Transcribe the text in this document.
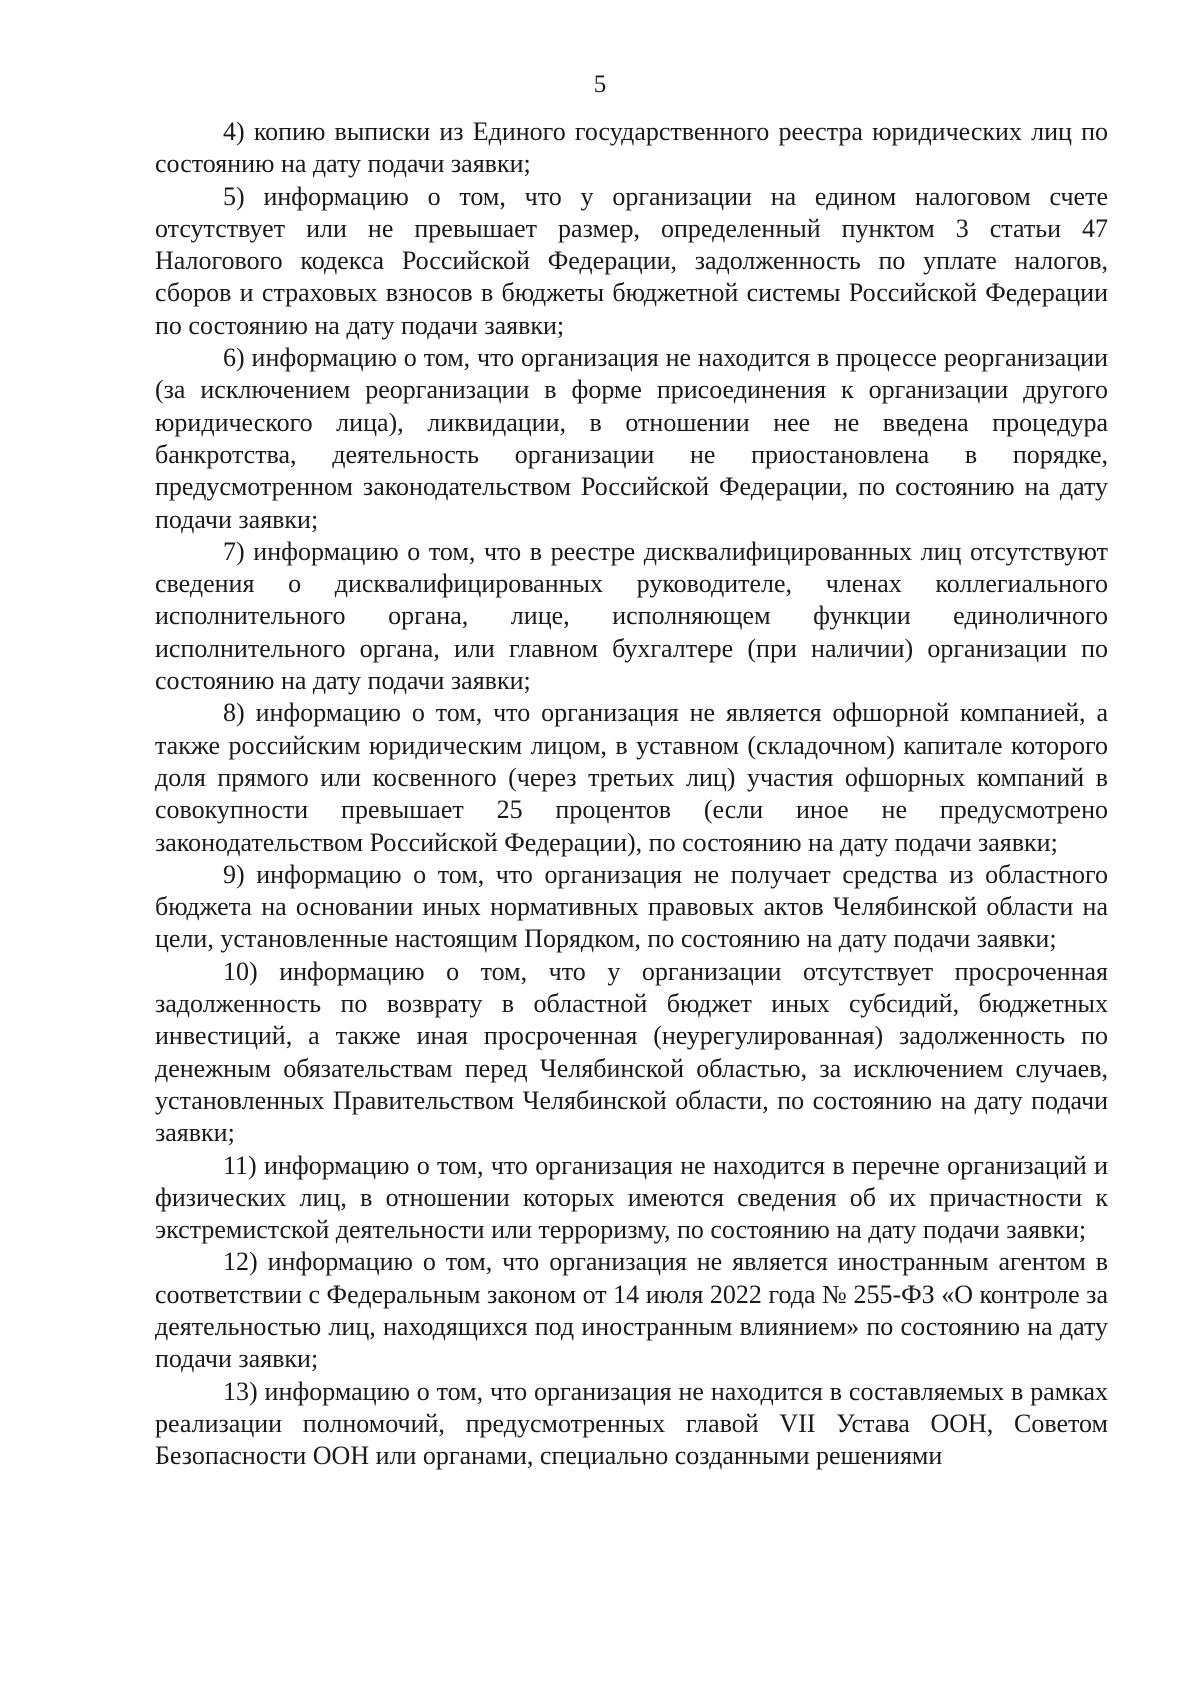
5

4) копию выписки из Единого государственного реестра юридических лиц по состоянию на дату подачи заявки;

5) информацию о том, что у организации на едином налоговом счете отсутствует или не превышает размер, определенный пунктом 3 статьи 47 Налогового кодекса Российской Федерации, задолженность по уплате налогов, сборов и страховых взносов в бюджеты бюджетной системы Российской Федерации по состоянию на дату подачи заявки;

6) информацию о том, что организация не находится в процессе реорганизации (за исключением реорганизации в форме присоединения к организации другого юридического лица), ликвидации, в отношении нее не введена процедура банкротства, деятельность организации не приостановлена в порядке, предусмотренном законодательством Российской Федерации, по состоянию на дату подачи заявки;

7) информацию о том, что в реестре дисквалифицированных лиц отсутствуют сведения о дисквалифицированных руководителе, членах коллегиального исполнительного органа, лице, исполняющем функции единоличного исполнительного органа, или главном бухгалтере (при наличии) организации по состоянию на дату подачи заявки;

8) информацию о том, что организация не является офшорной компанией, а также российским юридическим лицом, в уставном (складочном) капитале которого доля прямого или косвенного (через третьих лиц) участия офшорных компаний в совокупности превышает 25 процентов (если иное не предусмотрено законодательством Российской Федерации), по состоянию на дату подачи заявки;

9) информацию о том, что организация не получает средства из областного бюджета на основании иных нормативных правовых актов Челябинской области на цели, установленные настоящим Порядком, по состоянию на дату подачи заявки;

10) информацию о том, что у организации отсутствует просроченная задолженность по возврату в областной бюджет иных субсидий, бюджетных инвестиций, а также иная просроченная (неурегулированная) задолженность по денежным обязательствам перед Челябинской областью, за исключением случаев, установленных Правительством Челябинской области, по состоянию на дату подачи заявки;

11) информацию о том, что организация не находится в перечне организаций и физических лиц, в отношении которых имеются сведения об их причастности к экстремистской деятельности или терроризму, по состоянию на дату подачи заявки;

12) информацию о том, что организация не является иностранным агентом в соответствии с Федеральным законом от 14 июля 2022 года № 255-ФЗ «О контроле за деятельностью лиц, находящихся под иностранным влиянием» по состоянию на дату подачи заявки;

13) информацию о том, что организация не находится в составляемых в рамках реализации полномочий, предусмотренных главой VII Устава ООН, Советом Безопасности ООН или органами, специально созданными решениями
